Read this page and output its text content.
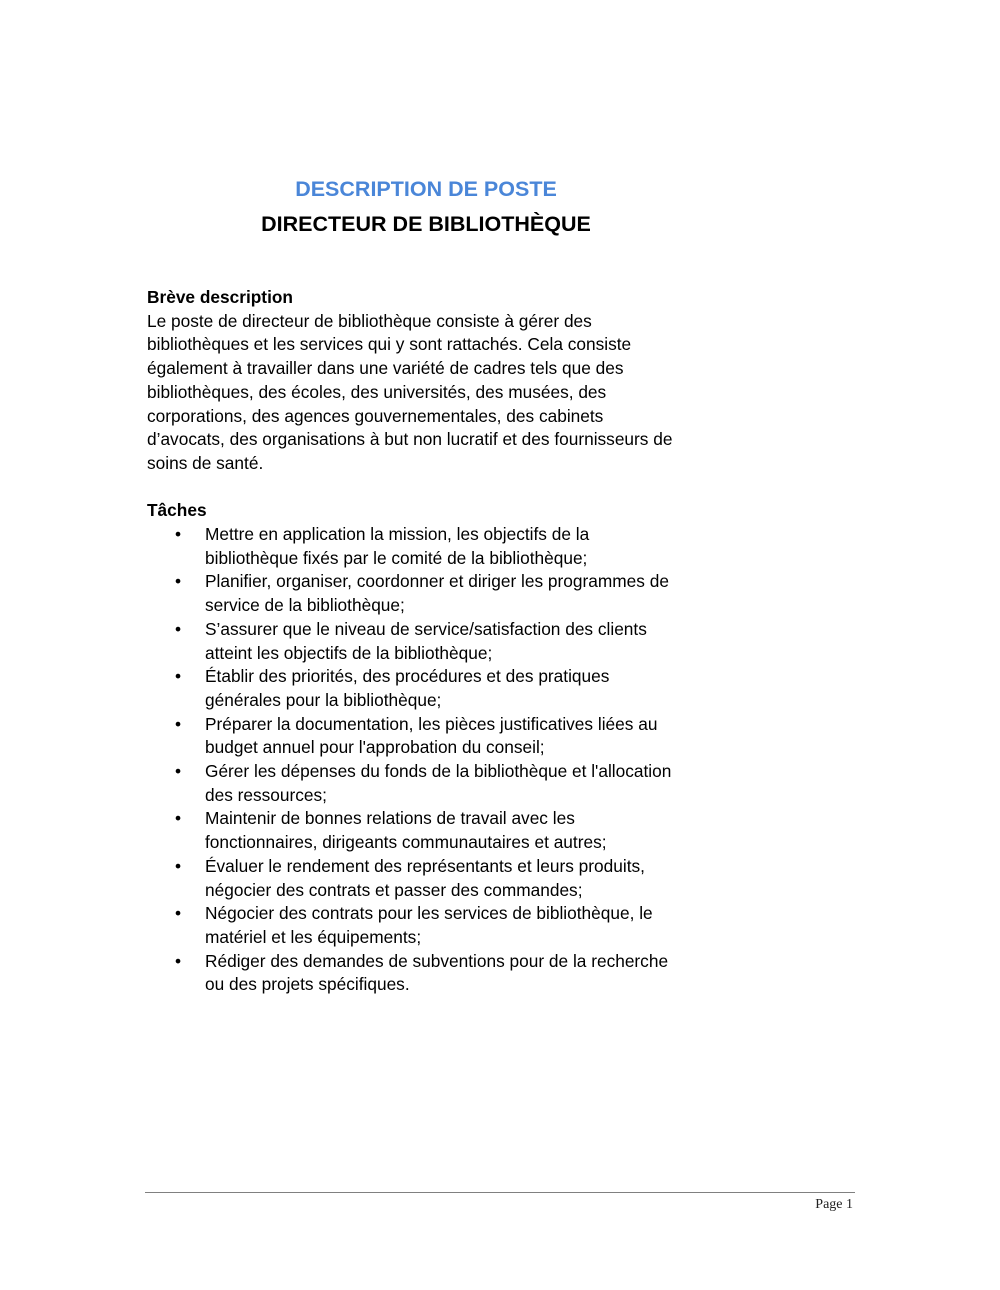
DESCRIPTION DE POSTE
DIRECTEUR DE BIBLIOTHÈQUE

Brève description

Le poste de directeur de bibliothèque consiste à gérer des
bibliothèques et les services qui y sont rattachés. Cela consiste
également à travailler dans une variété de cadres tels que des
bibliothèques, des écoles, des universités, des musées, des
corporations, des agences gouvernementales, des cabinets
d’avocats, des organisations à but non lucratif et des fournisseurs de
soins de santé.

Tâches

• Mettre en application la mission, les objectifs de la
bibliothèque fixés par le comité de la bibliothèque;
• Planifier, organiser, coordonner et diriger les programmes de
service de la bibliothèque;
• S’assurer que le niveau de service/satisfaction des clients
atteint les objectifs de la bibliothèque;
• Établir des priorités, des procédures et des pratiques
générales pour la bibliothèque;
• Préparer la documentation, les pièces justificatives liées au
budget annuel pour l'approbation du conseil;
• Gérer les dépenses du fonds de la bibliothèque et l'allocation
des ressources;
• Maintenir de bonnes relations de travail avec les
fonctionnaires, dirigeants communautaires et autres;
• Évaluer le rendement des représentants et leurs produits,
négocier des contrats et passer des commandes;
• Négocier des contrats pour les services de bibliothèque, le
matériel et les équipements;
• Rédiger des demandes de subventions pour de la recherche
ou des projets spécifiques.
Page 1
